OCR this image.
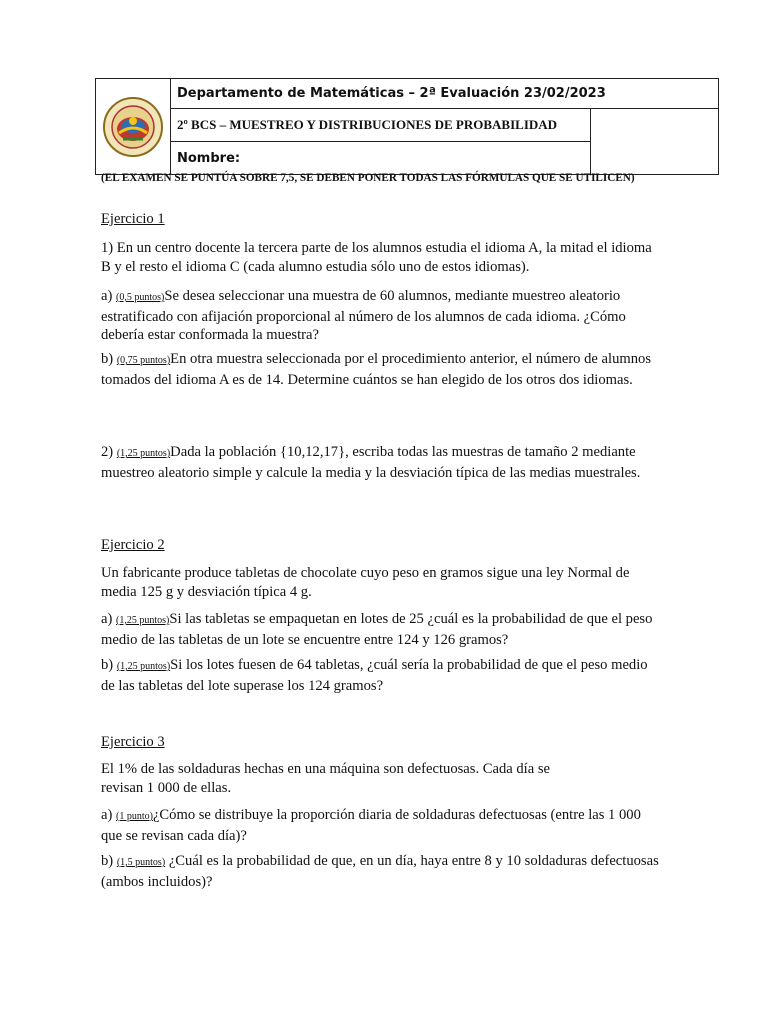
	Departamento de Matemáticas – 2ª Evaluación 23/02/2023	
	2º BCS – MUESTREO Y DISTRIBUCIONES DE PROBABILIDAD	
	Nombre:	
(EL EXAMEN SE PUNTÚA SOBRE 7,5, SE DEBEN PONER TODAS LAS FÓRMULAS QUE SE UTILICEN)
Ejercicio 1
1) En un centro docente la tercera parte de los alumnos estudia el idioma A, la mitad el idioma B y el resto el idioma C (cada alumno estudia sólo uno de estos idiomas).
a) (0,5 puntos)Se desea seleccionar una muestra de 60 alumnos, mediante muestreo aleatorio estratificado con afijación proporcional al número de los alumnos de cada idioma. ¿Cómo debería estar conformada la muestra?
b) (0,75 puntos)En otra muestra seleccionada por el procedimiento anterior, el número de alumnos tomados del idioma A es de 14. Determine cuántos se han elegido de los otros dos idiomas.
2) (1,25 puntos)Dada la población {10,12,17}, escriba todas las muestras de tamaño 2 mediante muestreo aleatorio simple y calcule la media y la desviación típica de las medias muestrales.
Ejercicio 2
Un fabricante produce tabletas de chocolate cuyo peso en gramos sigue una ley Normal de media 125 g y desviación típica 4 g.
a) (1,25 puntos)Si las tabletas se empaquetan en lotes de 25 ¿cuál es la probabilidad de que el peso medio de las tabletas de un lote se encuentre entre 124 y 126 gramos?
b) (1,25 puntos)Si los lotes fuesen de 64 tabletas, ¿cuál sería la probabilidad de que el peso medio de las tabletas del lote superase los 124 gramos?
Ejercicio 3
El 1% de las soldaduras hechas en una máquina son defectuosas. Cada día se revisan 1 000 de ellas.
a) (1 punto)¿Cómo se distribuye la proporción diaria de soldaduras defectuosas (entre las 1 000 que se revisan cada día)?
b) (1,5 puntos) ¿Cuál es la probabilidad de que, en un día, haya entre 8 y 10 soldaduras defectuosas (ambos incluidos)?
